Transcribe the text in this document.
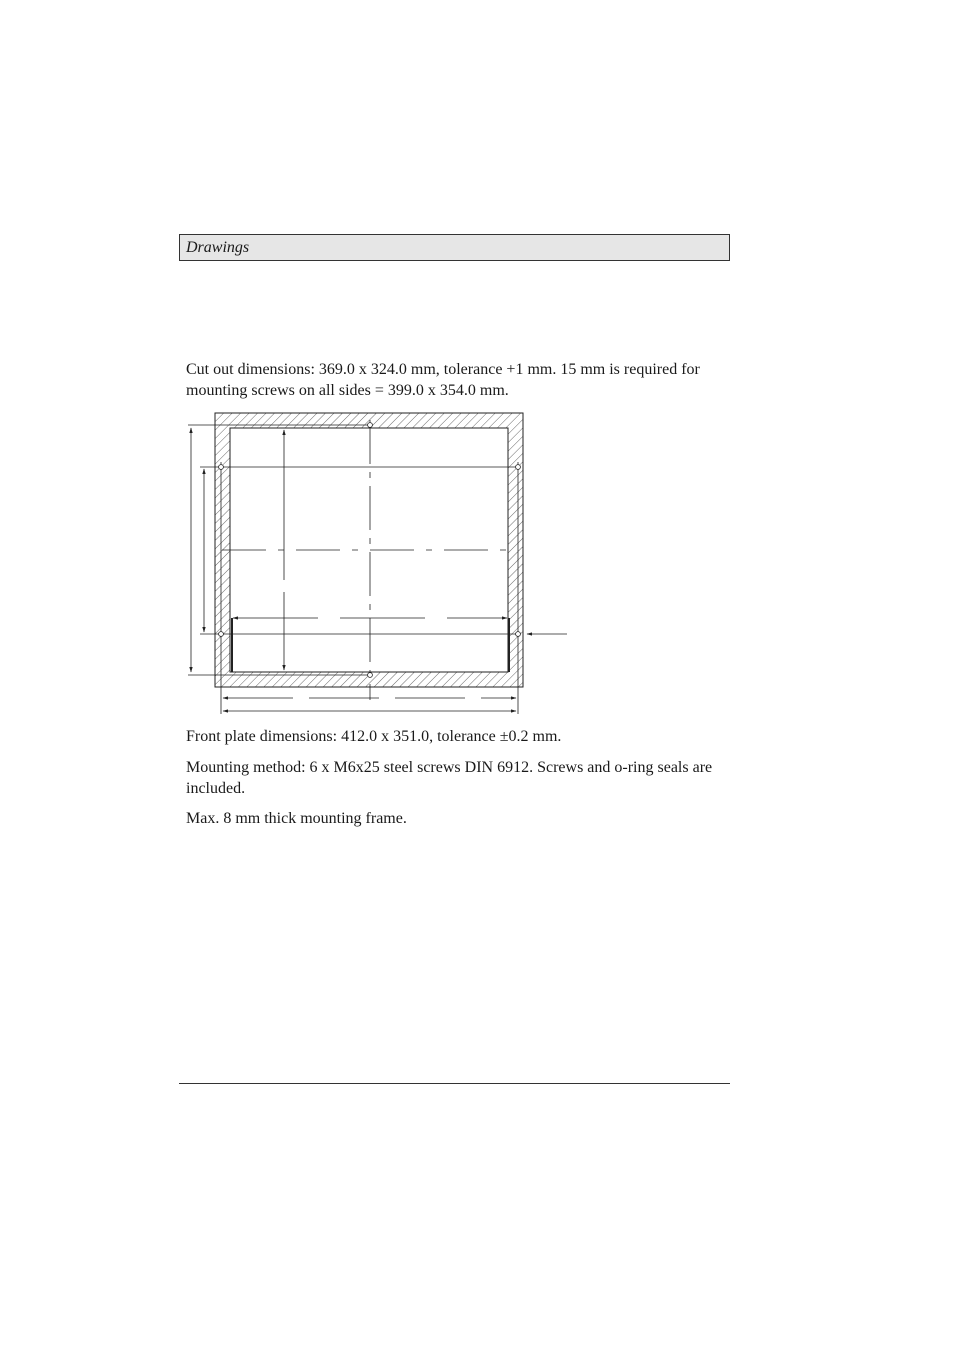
Drawings

Cut out dimensions: 369.0 x 324.0 mm, tolerance +1 mm. 15 mm is required for mounting screws on all sides = 399.0 x 354.0 mm.

Front plate dimensions: 412.0 x 351.0, tolerance ±0.2 mm.

Mounting method: 6 x M6x25 steel screws DIN 6912. Screws and o-ring seals are included.

Max. 8 mm thick mounting frame.
